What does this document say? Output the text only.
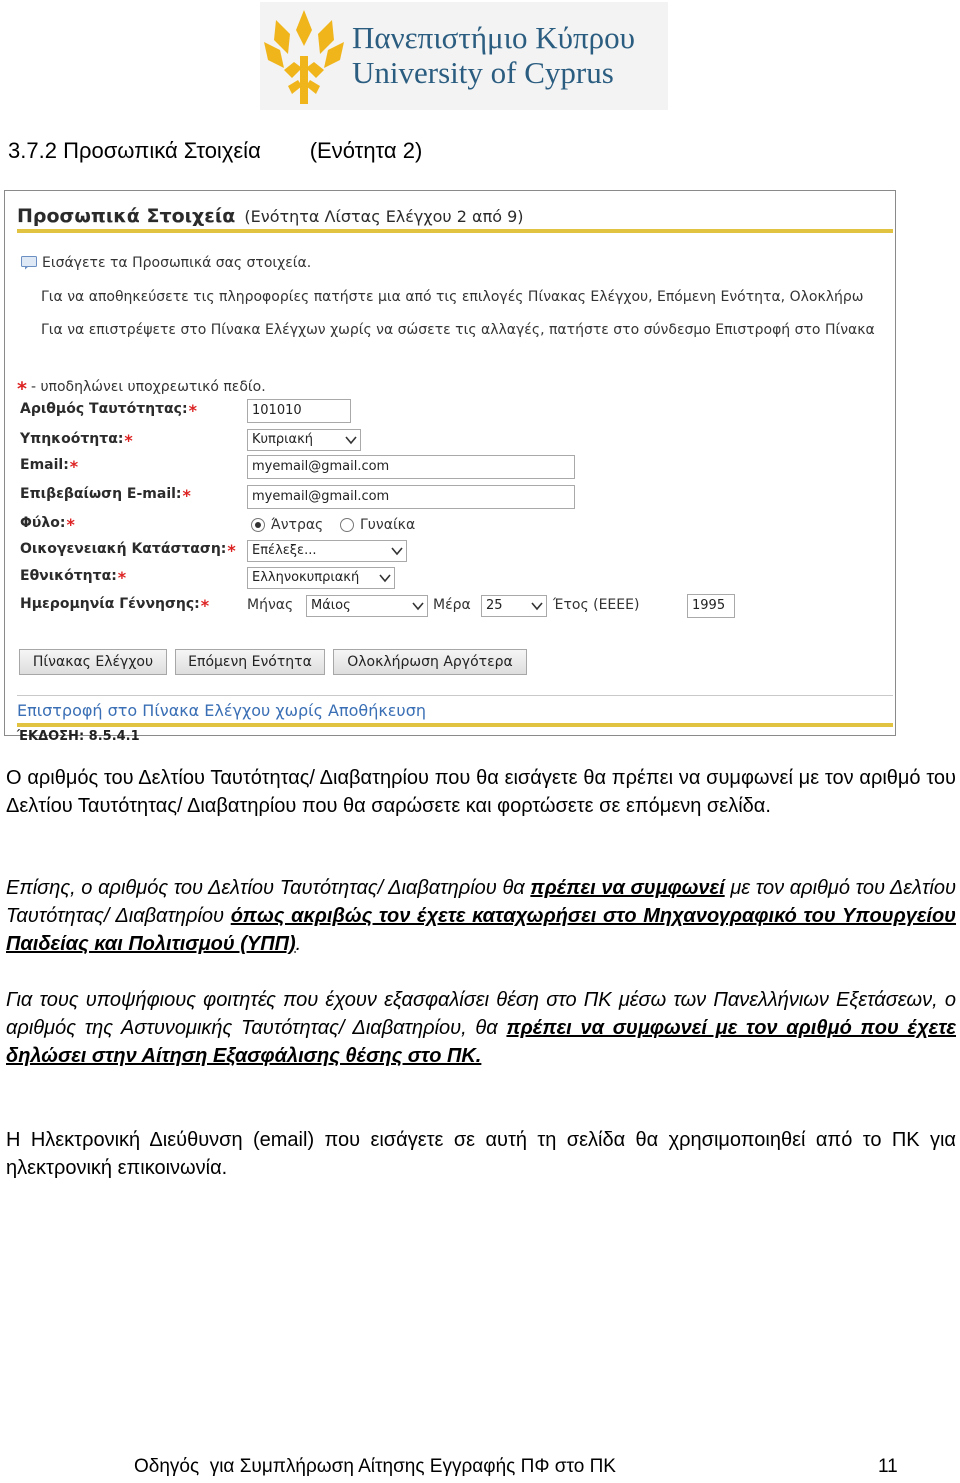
Πανεπιστήμιο Κύπρου
University of Cyprus
3.7.2 Προσωπικά Στοιχεία (Ενότητα 2)
Προσωπικά Στοιχεία (Ενότητα Λίστας Ελέγχου 2 από 9)
Εισάγετε τα Προσωπικά σας στοιχεία.
Για να αποθηκεύσετε τις πληροφορίες πατήστε μια από τις επιλογές Πίνακας Ελέγχου, Επόμενη Ενότητα, Ολοκλήρω
Για να επιστρέψετε στο Πίνακα Ελέγχων χωρίς να σώσετε τις αλλαγές, πατήστε στο σύνδεσμο Επιστροφή στο Πίνακα
* - υποδηλώνει υποχρεωτικό πεδίο.
Αριθμός Ταυτότητας:*	101010
Υπηκοότητα:*	Κυπριακή
Email:*	myemail@gmail.com
Επιβεβαίωση E-mail:*	myemail@gmail.com
Φύλο:*	Άντρας	Γυναίκα
Οικογενειακή Κατάσταση:*	Επέλεξε...
Εθνικότητα:*	Ελληνοκυπριακή
Ημερομηνία Γέννησης:*	Μήνας	Μάιος	Μέρα	25	Έτος (ΕΕΕΕ)	1995
Πίνακας Ελέγχου	Επόμενη Ενότητα	Ολοκλήρωση Αργότερα
Επιστροφή στο Πίνακα Ελέγχου χωρίς Αποθήκευση
ΈΚΔΟΣΗ: 8.5.4.1

Ο αριθμός του Δελτίου Ταυτότητας/ Διαβατηρίου που θα εισάγετε θα πρέπει να συμφωνεί με τον αριθμό του Δελτίου Ταυτότητας/ Διαβατηρίου που θα σαρώσετε και φορτώσετε σε επόμενη σελίδα.

Επίσης, ο αριθμός του Δελτίου Ταυτότητας/ Διαβατηρίου θα πρέπει να συμφωνεί με τον αριθμό του Δελτίου Ταυτότητας/ Διαβατηρίου όπως ακριβώς τον έχετε καταχωρήσει στο Μηχανογραφικό του Υπουργείου Παιδείας και Πολιτισμού (ΥΠΠ).

Για τους υποψήφιους φοιτητές που έχουν εξασφαλίσει θέση στο ΠΚ μέσω των Πανελλήνιων Εξετάσεων, ο αριθμός της Αστυνομικής Ταυτότητας/ Διαβατηρίου, θα πρέπει να συμφωνεί με τον αριθμό που έχετε δηλώσει στην Αίτηση Εξασφάλισης θέσης στο ΠΚ.

Η Ηλεκτρονική Διεύθυνση (email) που εισάγετε σε αυτή τη σελίδα θα χρησιμοποιηθεί από το ΠΚ για ηλεκτρονική επικοινωνία.

Οδηγός  για Συμπλήρωση Αίτησης Εγγραφής ΠΦ στο ΠΚ	11
